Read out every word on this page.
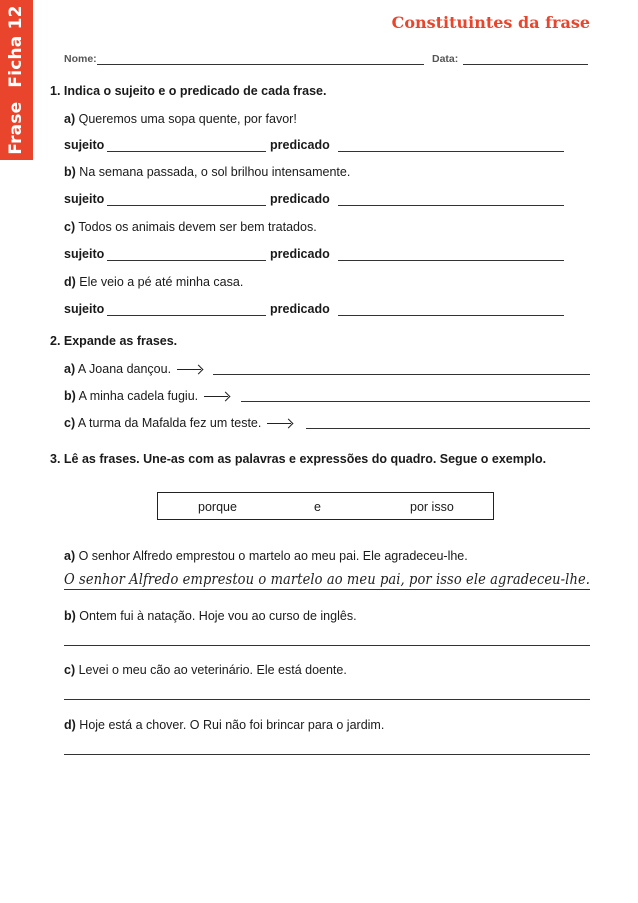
FraseFicha 12	Constituintes da frase
Nome:	Data:
1. Indica o sujeito e o predicado de cada frase.
a) Queremos uma sopa quente, por favor!
sujeito	predicado
b) Na semana passada, o sol brilhou intensamente.
sujeito	predicado
c) Todos os animais devem ser bem tratados.
sujeito	predicado
d) Ele veio a pé até minha casa.
sujeito	predicado
2. Expande as frases.
a) A Joana dançou.
b) A minha cadela fugiu.
c) A turma da Mafalda fez um teste.
3. Lê as frases. Une-as com as palavras e expressões do quadro. Segue o exemplo.
porque	e	por isso
a) O senhor Alfredo emprestou o martelo ao meu pai. Ele agradeceu-lhe.
O senhor Alfredo emprestou o martelo ao meu pai, por isso ele agradeceu-lhe.
b) Ontem fui à natação. Hoje vou ao curso de inglês.
c) Levei o meu cão ao veterinário. Ele está doente.
d) Hoje está a chover. O Rui não foi brincar para o jardim.
